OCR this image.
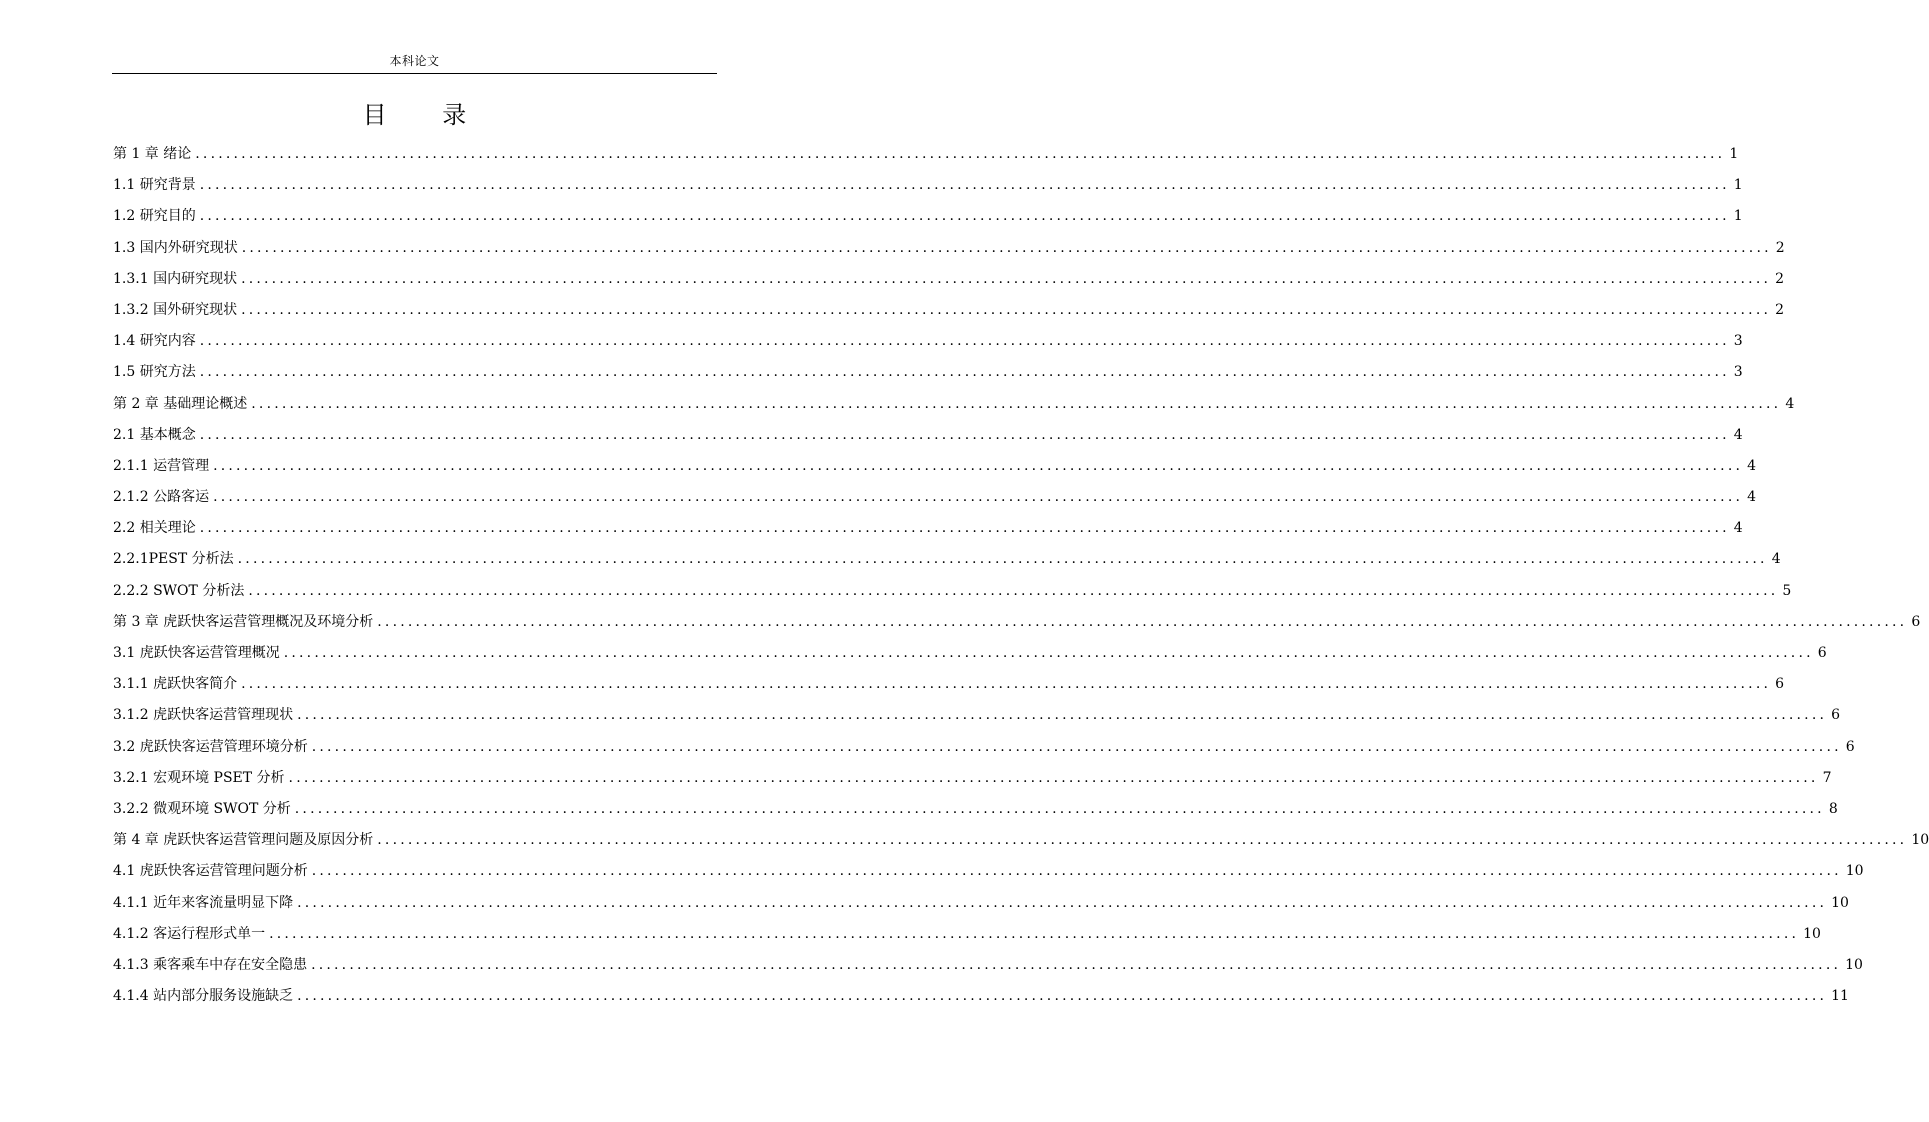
本科论文
目 录
第 1 章 绪论 ........................................................................................................................................................................................................ 1
1.1 研究背景 ........................................................................................................................................................................................................ 1
1.2 研究目的 ........................................................................................................................................................................................................ 1
1.3 国内外研究现状 ........................................................................................................................................................................................................ 2
1.3.1 国内研究现状 ........................................................................................................................................................................................................ 2
1.3.2 国外研究现状 ........................................................................................................................................................................................................ 2
1.4 研究内容 ........................................................................................................................................................................................................ 3
1.5 研究方法 ........................................................................................................................................................................................................ 3
第 2 章 基础理论概述 ........................................................................................................................................................................................................ 4
2.1 基本概念 ........................................................................................................................................................................................................ 4
2.1.1 运营管理 ........................................................................................................................................................................................................ 4
2.1.2 公路客运 ........................................................................................................................................................................................................ 4
2.2 相关理论 ........................................................................................................................................................................................................ 4
2.2.1PEST 分析法 ........................................................................................................................................................................................................ 4
2.2.2 SWOT 分析法 ........................................................................................................................................................................................................ 5
第 3 章 虎跃快客运营管理概况及环境分析 ........................................................................................................................................................................................................ 6
3.1 虎跃快客运营管理概况 ........................................................................................................................................................................................................ 6
3.1.1 虎跃快客简介 ........................................................................................................................................................................................................ 6
3.1.2 虎跃快客运营管理现状 ........................................................................................................................................................................................................ 6
3.2 虎跃快客运营管理环境分析 ........................................................................................................................................................................................................ 6
3.2.1 宏观环境 PSET 分析 ........................................................................................................................................................................................................ 7
3.2.2 微观环境 SWOT 分析 ........................................................................................................................................................................................................ 8
第 4 章 虎跃快客运营管理问题及原因分析 ........................................................................................................................................................................................................ 10
4.1 虎跃快客运营管理问题分析 ........................................................................................................................................................................................................ 10
4.1.1 近年来客流量明显下降 ........................................................................................................................................................................................................ 10
4.1.2 客运行程形式单一 ........................................................................................................................................................................................................ 10
4.1.3 乘客乘车中存在安全隐患 ........................................................................................................................................................................................................ 10
4.1.4 站内部分服务设施缺乏 ........................................................................................................................................................................................................ 11
